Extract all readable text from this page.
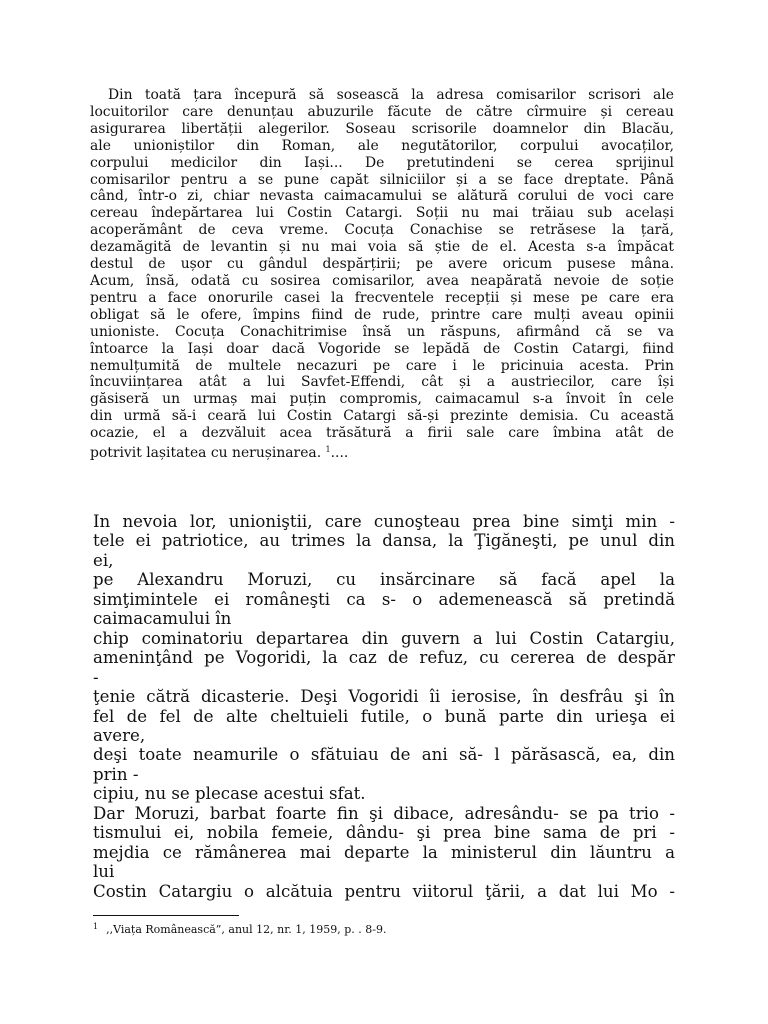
Din toată țara începură să sosească la adresa comisarilor scrisori ale
locuitorilor care denunțau abuzurile făcute de către cîrmuire și cereau
asigurarea libertății alegerilor. Soseau scrisorile doamnelor din Blacău,
ale unioniștilor din Roman, ale negutătorilor, corpului avocaților,
corpului medicilor din Iași... De pretutindeni se cerea sprijinul
comisarilor pentru a se pune capăt silniciilor și a se face dreptate. Până
când, într-o zi, chiar nevasta caimacamului se alătură corului de voci care
cereau îndepărtarea lui Costin Catargi. Soții nu mai trăiau sub același
acoperământ de ceva vreme. Cocuța Conachise se retrăsese la țară,
dezamăgită de levantin și nu mai voia să știe de el. Acesta s-a împăcat
destul de ușor cu gândul despărțirii; pe avere oricum pusese mâna.
Acum, însă, odată cu sosirea comisarilor, avea neapărată nevoie de soție
pentru a face onorurile casei la frecventele recepții și mese pe care era
obligat să le ofere, împins fiind de rude, printre care mulți aveau opinii
unioniste. Cocuța Conachitrimise însă un răspuns, afirmând că se va
întoarce la Iași doar dacă Vogoride se lepădă de Costin Catargi, fiind
nemulțumită de multele necazuri pe care i le pricinuia acesta. Prin
încuviințarea atât a lui Savfet-Effendi, cât și a austriecilor, care își
găsiseră un urmaș mai puțin compromis, caimacamul s-a învoit în cele
din urmă să-i ceară lui Costin Catargi să-și prezinte demisia. Cu această
ocazie, el a dezvăluit acea trăsătură a firii sale care îmbina atât de
potrivit lașitatea cu nerușinarea. $^1$....
In nevoia lor, unioniştii, care cunoşteau prea bine simţi min -
tele ei patriotice, au trimes la dansa, la Ţigăneşti, pe unul din
ei,
pe Alexandru Moruzi, cu insărcinare să facă apel la
simţimintele ei româneşti ca s- o ademenească să pretindă
caimacamului în
chip cominatoriu departarea din guvern a lui Costin Catargiu,
ameninţând pe Vogoridi, la caz de refuz, cu cererea de despăr
-
ţenie cătră dicasterie. Deşi Vogoridi îi ierosise, în desfrâu şi în
fel de fel de alte cheltuieli futile, o bună parte din urieşa ei
avere,
deşi toate neamurile o sfătuiau de ani să- l părăsască, ea, din
prin -
cipiu, nu se plecase acestui sfat.
Dar Moruzi, barbat foarte fin şi dibace, adresându- se pa trio -
tismului ei, nobila femeie, dându- şi prea bine sama de pri -
mejdia ce rămânerea mai departe la ministerul din lăuntru a
lui
Costin Catargiu o alcătuia pentru viitorul ţării, a dat lui Mo -

$^1$ ,,Viața Românească”, anul 12, nr. 1, 1959, p. . 8-9.
